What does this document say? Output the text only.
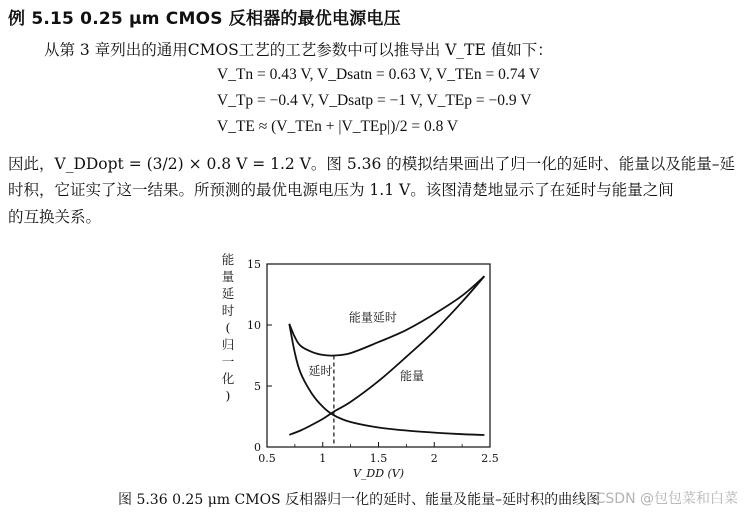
例 5.15 0.25 μm CMOS 反相器的最优电源电压
从第 3 章列出的通用CMOS工艺的工艺参数中可以推导出 V_TE 值如下：
V_Tn = 0.43 V, V_Dsatn = 0.63 V, V_TEn = 0.74 V
V_Tp = −0.4 V, V_Dsatp = −1 V, V_TEp = −0.9 V
V_TE ≈ (V_TEn + |V_TEp|)/2 = 0.8 V
因此，V_DDopt = (3/2) × 0.8 V = 1.2 V。图 5.36 的模拟结果画出了归一化的延时、能量以及能量–延
时积，它证实了这一结果。所预测的最优电源电压为 1.1 V。该图清楚地显示了在延时与能量之间
的互换关系。
0.5	1	1.5	2	2.5
0
5
10
15
V_DD (V)
能
量
延
时
(
归
一
化
)
能量延时
延时	能量
图 5.36 0.25 μm CMOS 反相器归一化的延时、能量及能量–延时积的曲线图
CSDN @包包菜和白菜
